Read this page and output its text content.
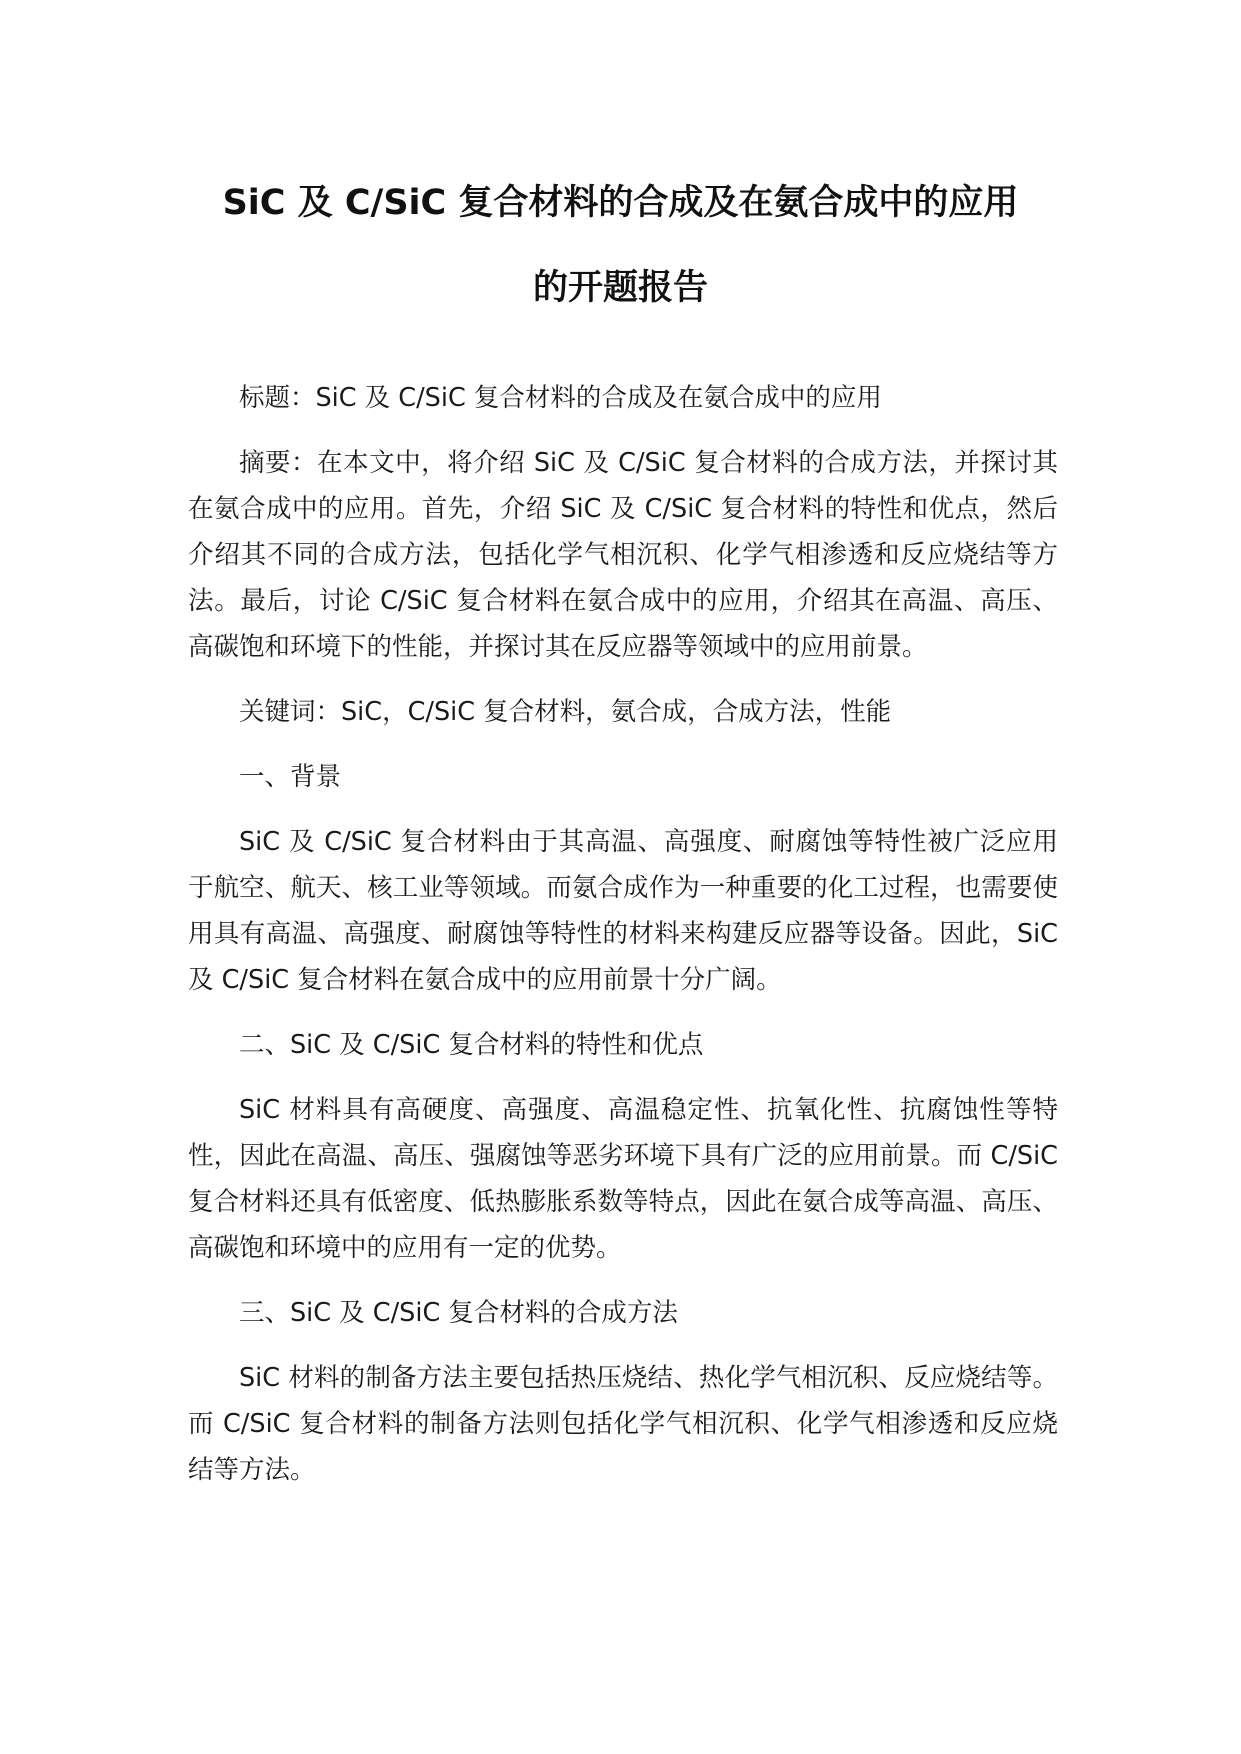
SiC 及 C/SiC 复合材料的合成及在氨合成中的应用
的开题报告

标题：SiC 及 C/SiC 复合材料的合成及在氨合成中的应用

摘要：在本文中，将介绍 SiC 及 C/SiC 复合材料的合成方法，并探讨其在氨合成中的应用。首先，介绍 SiC 及 C/SiC 复合材料的特性和优点，然后介绍其不同的合成方法，包括化学气相沉积、化学气相渗透和反应烧结等方法。最后，讨论 C/SiC 复合材料在氨合成中的应用，介绍其在高温、高压、高碳饱和环境下的性能，并探讨其在反应器等领域中的应用前景。

关键词：SiC，C/SiC 复合材料，氨合成，合成方法，性能

一、背景

SiC 及 C/SiC 复合材料由于其高温、高强度、耐腐蚀等特性被广泛应用于航空、航天、核工业等领域。而氨合成作为一种重要的化工过程，也需要使用具有高温、高强度、耐腐蚀等特性的材料来构建反应器等设备。因此，SiC 及 C/SiC 复合材料在氨合成中的应用前景十分广阔。

二、SiC 及 C/SiC 复合材料的特性和优点

SiC 材料具有高硬度、高强度、高温稳定性、抗氧化性、抗腐蚀性等特性，因此在高温、高压、强腐蚀等恶劣环境下具有广泛的应用前景。而 C/SiC 复合材料还具有低密度、低热膨胀系数等特点，因此在氨合成等高温、高压、高碳饱和环境中的应用有一定的优势。

三、SiC 及 C/SiC 复合材料的合成方法

SiC 材料的制备方法主要包括热压烧结、热化学气相沉积、反应烧结等。而 C/SiC 复合材料的制备方法则包括化学气相沉积、化学气相渗透和反应烧结等方法。
